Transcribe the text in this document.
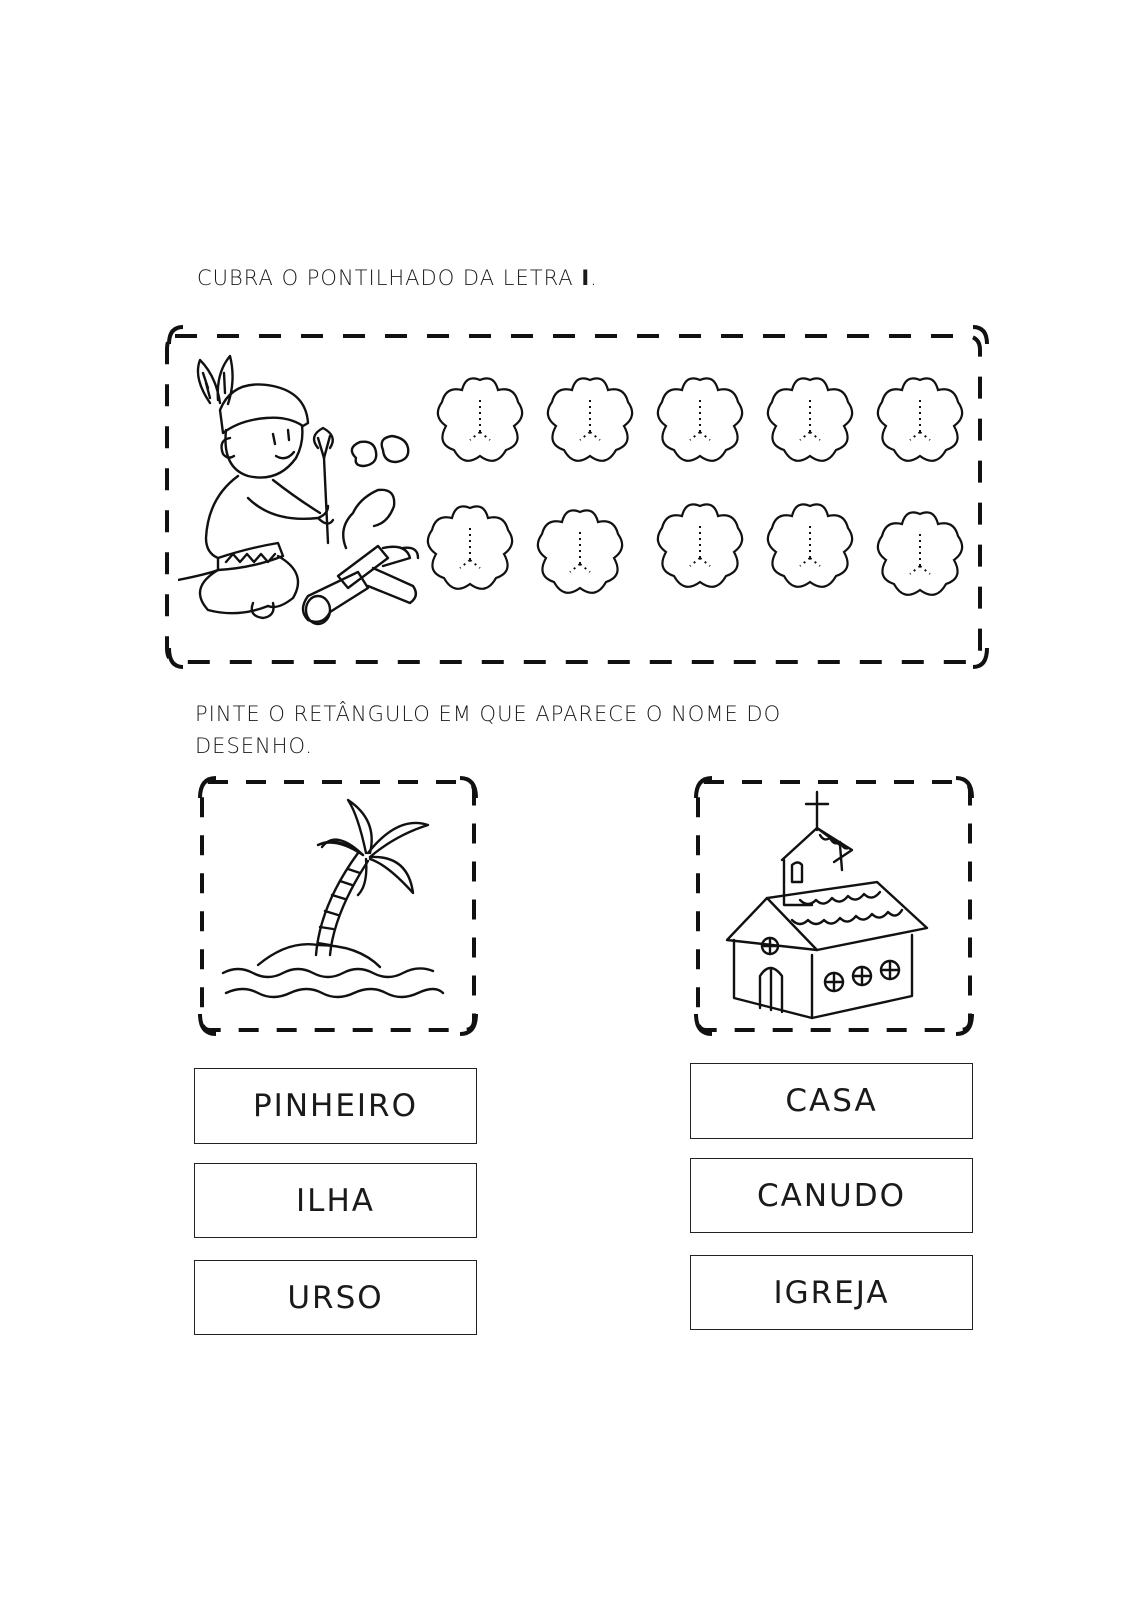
CUBRA O PONTILHADO DA LETRA I.
PINTE O RETÂNGULO EM QUE APARECE O NOME DO
DESENHO.
PINHEIRO
ILHA
URSO
CASA
CANUDO
IGREJA
